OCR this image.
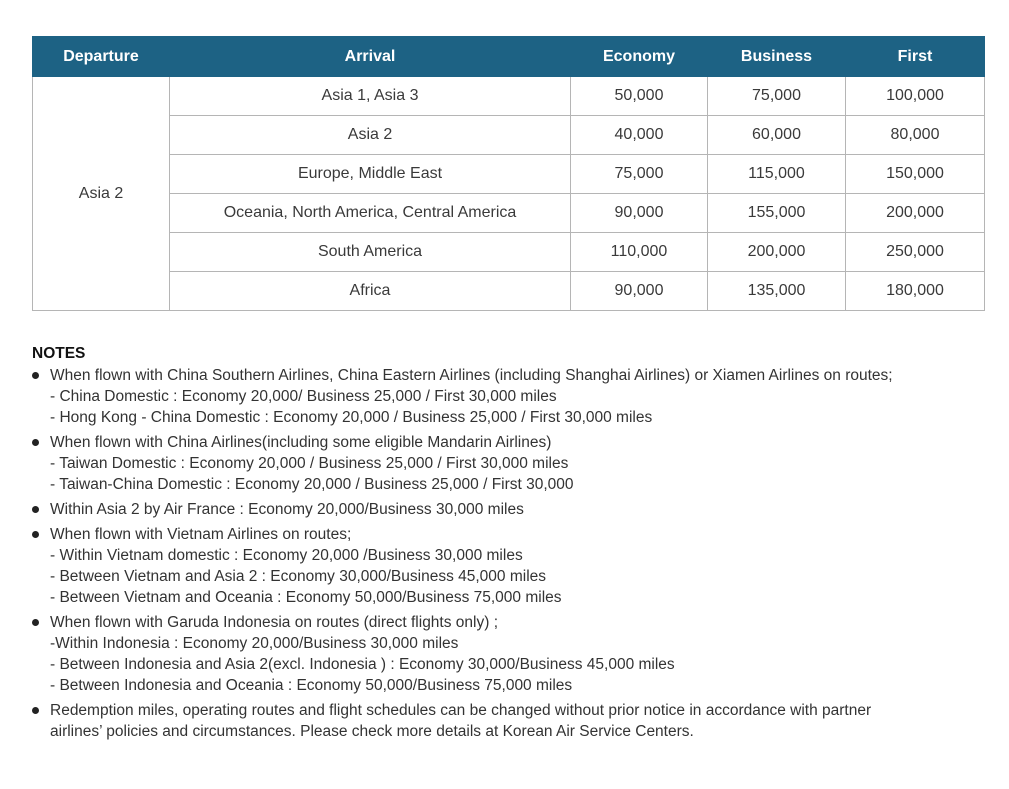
Departure	Arrival	Economy	Business	First
Asia 2	Asia 1, Asia 3	50,000	75,000	100,000
	Asia 2	40,000	60,000	80,000
	Europe, Middle East	75,000	115,000	150,000
	Oceania, North America, Central America	90,000	155,000	200,000
	South America	110,000	200,000	250,000
	Africa	90,000	135,000	180,000
NOTES
When flown with China Southern Airlines, China Eastern Airlines (including Shanghai Airlines) or Xiamen Airlines on routes;
- China Domestic : Economy 20,000/ Business 25,000 / First 30,000 miles
- Hong Kong - China Domestic : Economy 20,000 / Business 25,000 / First 30,000 miles
When flown with China Airlines(including some eligible Mandarin Airlines)
- Taiwan Domestic : Economy 20,000 / Business 25,000 / First 30,000 miles
- Taiwan-China Domestic : Economy 20,000 / Business 25,000 / First 30,000
Within Asia 2 by Air France : Economy 20,000/Business 30,000 miles
When flown with Vietnam Airlines on routes;
- Within Vietnam domestic : Economy 20,000 /Business 30,000 miles
- Between Vietnam and Asia 2 : Economy 30,000/Business 45,000 miles
- Between Vietnam and Oceania : Economy 50,000/Business 75,000 miles
When flown with Garuda Indonesia on routes (direct flights only) ;
-Within Indonesia : Economy 20,000/Business 30,000 miles
- Between Indonesia and Asia 2(excl. Indonesia ) : Economy 30,000/Business 45,000 miles
- Between Indonesia and Oceania : Economy 50,000/Business 75,000 miles
Redemption miles, operating routes and flight schedules can be changed without prior notice in accordance with partner
airlines’ policies and circumstances. Please check more details at Korean Air Service Centers.
